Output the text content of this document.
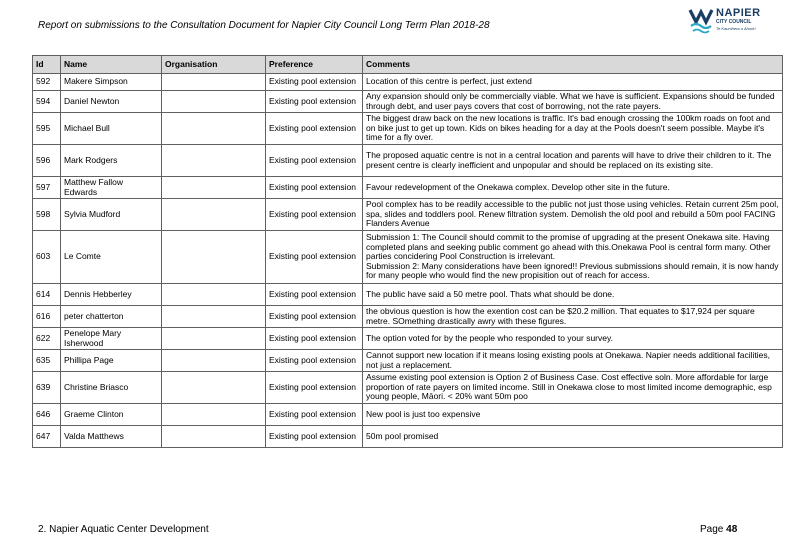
Report on submissions to the Consultation Document for Napier City Council Long Term Plan 2018-28
NAPIER
CITY COUNCIL
Te Kaunihera o Ahuriri
Id	Name	Organisation	Preference	Comments
592	Makere Simpson		Existing pool extension	Location of this centre is perfect, just extend
594	Daniel Newton		Existing pool extension	Any expansion should only be commercially viable. What we have is sufficient. Expansions should be funded through debt, and user pays covers that cost of borrowing, not the rate payers.
595	Michael Bull		Existing pool extension	The biggest draw back on the new locations is traffic. It's bad enough crossing the 100km roads on foot and on bike just to get up town. Kids on bikes heading for a day at the Pools doesn't seem possible. Maybe it's time for a fly over.
596	Mark Rodgers		Existing pool extension	The proposed aquatic centre is not in a central location and parents will have to drive their children to it. The present centre is clearly inefficient and unpopular and should be replaced on its existing site.
597	Matthew Fallow Edwards		Existing pool extension	Favour redevelopment of the Onekawa complex. Develop other site in the future.
598	Sylvia Mudford		Existing pool extension	Pool complex has to be readily accessible to the public not just those using vehicles. Retain current 25m pool, spa, slides and toddlers pool. Renew filtration system. Demolish the old pool and rebuild a 50m pool FACING Flanders Avenue
603	Le Comte		Existing pool extension	Submission 1: The Council should commit to the promise of upgrading at the present Onekawa site. Having completed plans and seeking public comment go ahead with this.Onekawa Pool is central form many. Other parties concidering Pool Construction is irrelevant.
Submission 2: Many considerations have been ignored!! Previous submissions should remain, it is now handy for many people who would find the new propisition out of reach for access.
614	Dennis Hebberley		Existing pool extension	The public have said a 50 metre pool. Thats what should be done.
616	peter chatterton		Existing pool extension	the obvious question is how the exention cost can be $20.2 million. That equates to $17,924 per square metre. SOmething drastically awry with these figures.
622	Penelope Mary Isherwood		Existing pool extension	The option voted for by the people who responded to your survey.
635	Phillipa Page		Existing pool extension	Cannot support new location if it means losing existing pools at Onekawa. Napier needs additional facilities, not just a replacement.
639	Christine Briasco		Existing pool extension	Assume existing pool extension is Option 2 of Business Case. Cost effective soln. More affordable for large proportion of rate payers on limited income. Still in Onekawa close to most limited income demographic, esp young people, Māori. < 20% want 50m poo
646	Graeme Clinton		Existing pool extension	New pool is just too expensive
647	Valda Matthews		Existing pool extension	50m pool promised
2. Napier Aquatic Center Development	Page 48
